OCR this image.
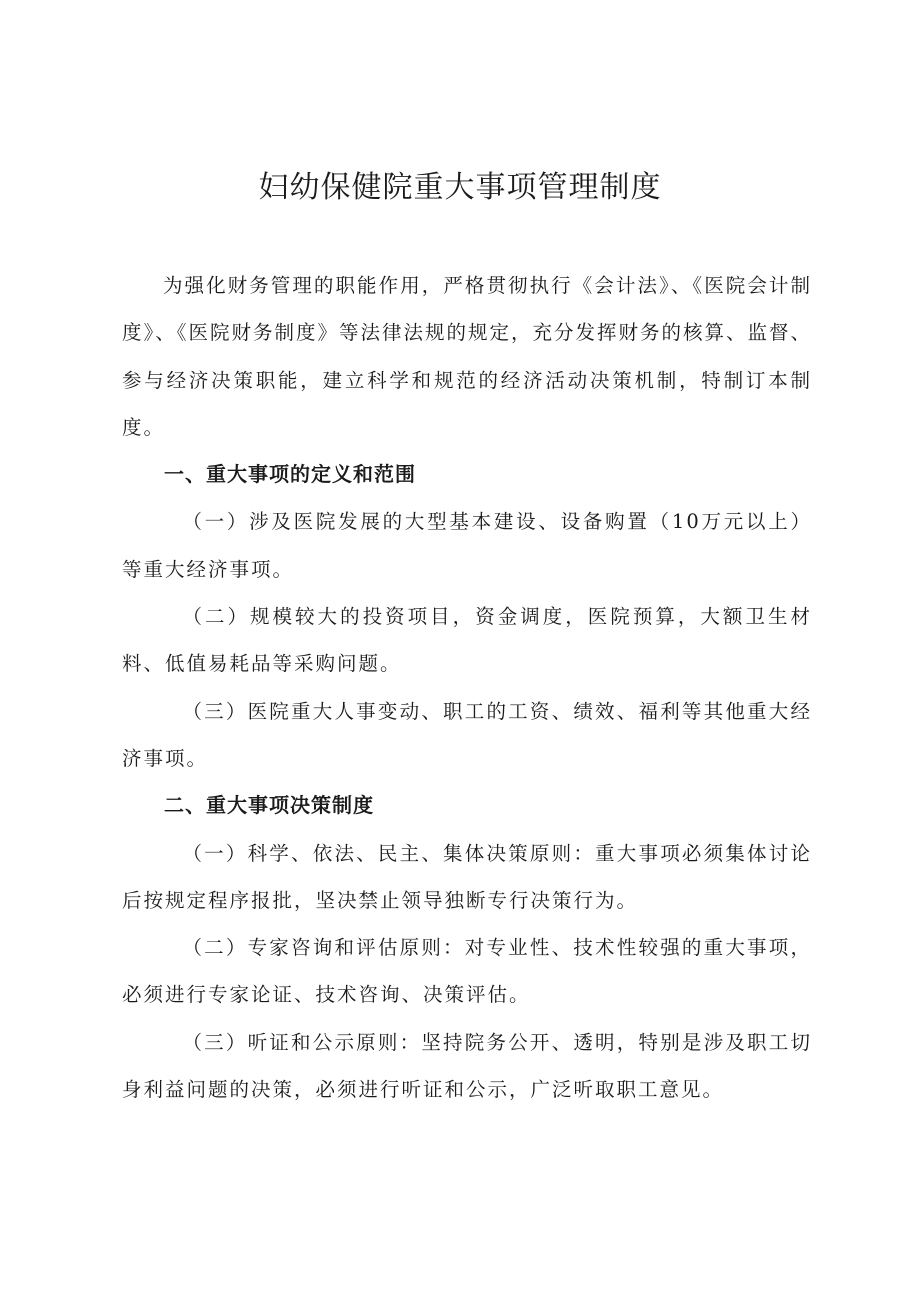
妇幼保健院重大事项管理制度

为强化财务管理的职能作用，严格贯彻执行《会计法》、《医院会计制度》、《医院财务制度》等法律法规的规定，充分发挥财务的核算、监督、参与经济决策职能，建立科学和规范的经济活动决策机制，特制订本制度。

一、重大事项的定义和范围

（一）涉及医院发展的大型基本建设、设备购置（10万元以上）等重大经济事项。

（二）规模较大的投资项目，资金调度，医院预算，大额卫生材料、低值易耗品等采购问题。

（三）医院重大人事变动、职工的工资、绩效、福利等其他重大经济事项。

二、重大事项决策制度

（一）科学、依法、民主、集体决策原则：重大事项必须集体讨论后按规定程序报批，坚决禁止领导独断专行决策行为。

（二）专家咨询和评估原则：对专业性、技术性较强的重大事项，必须进行专家论证、技术咨询、决策评估。

（三）听证和公示原则：坚持院务公开、透明，特别是涉及职工切身利益问题的决策，必须进行听证和公示，广泛听取职工意见。
